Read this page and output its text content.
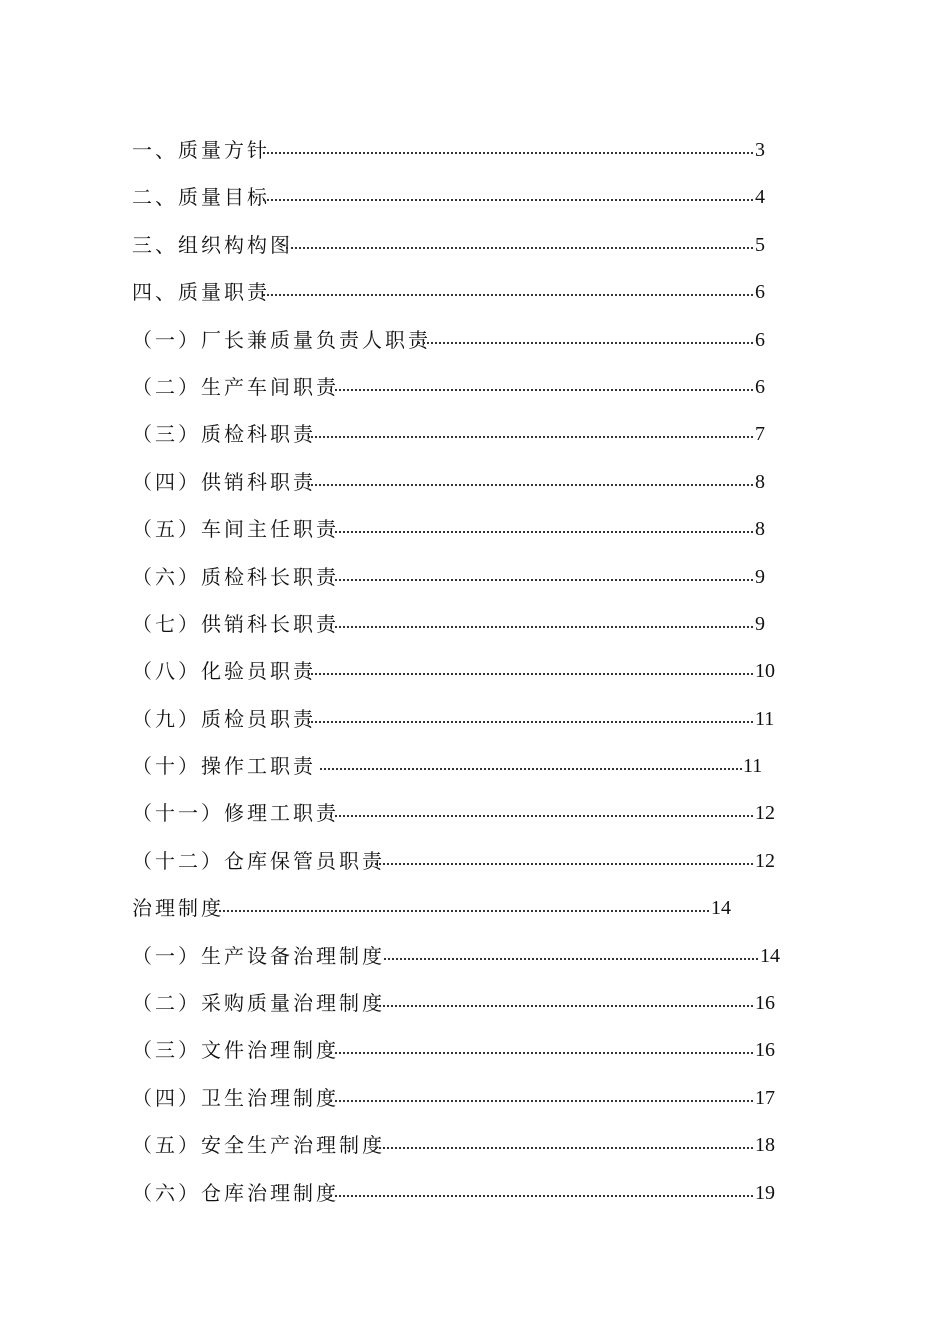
一、质量方针	3
二、质量目标	4
三、组织构构图	5
四、质量职责	6
（一）厂长兼质量负责人职责	6
（二）生产车间职责	6
（三）质检科职责	7
（四）供销科职责	8
（五）车间主任职责	8
（六）质检科长职责	9
（七）供销科长职责	9
（八）化验员职责	10
（九）质检员职责	11
（十）操作工职责	11
（十一）修理工职责	12
（十二）仓库保管员职责	12
治理制度	14
（一）生产设备治理制度	14
（二）采购质量治理制度	16
（三）文件治理制度	16
（四）卫生治理制度	17
（五）安全生产治理制度	18
（六）仓库治理制度	19
